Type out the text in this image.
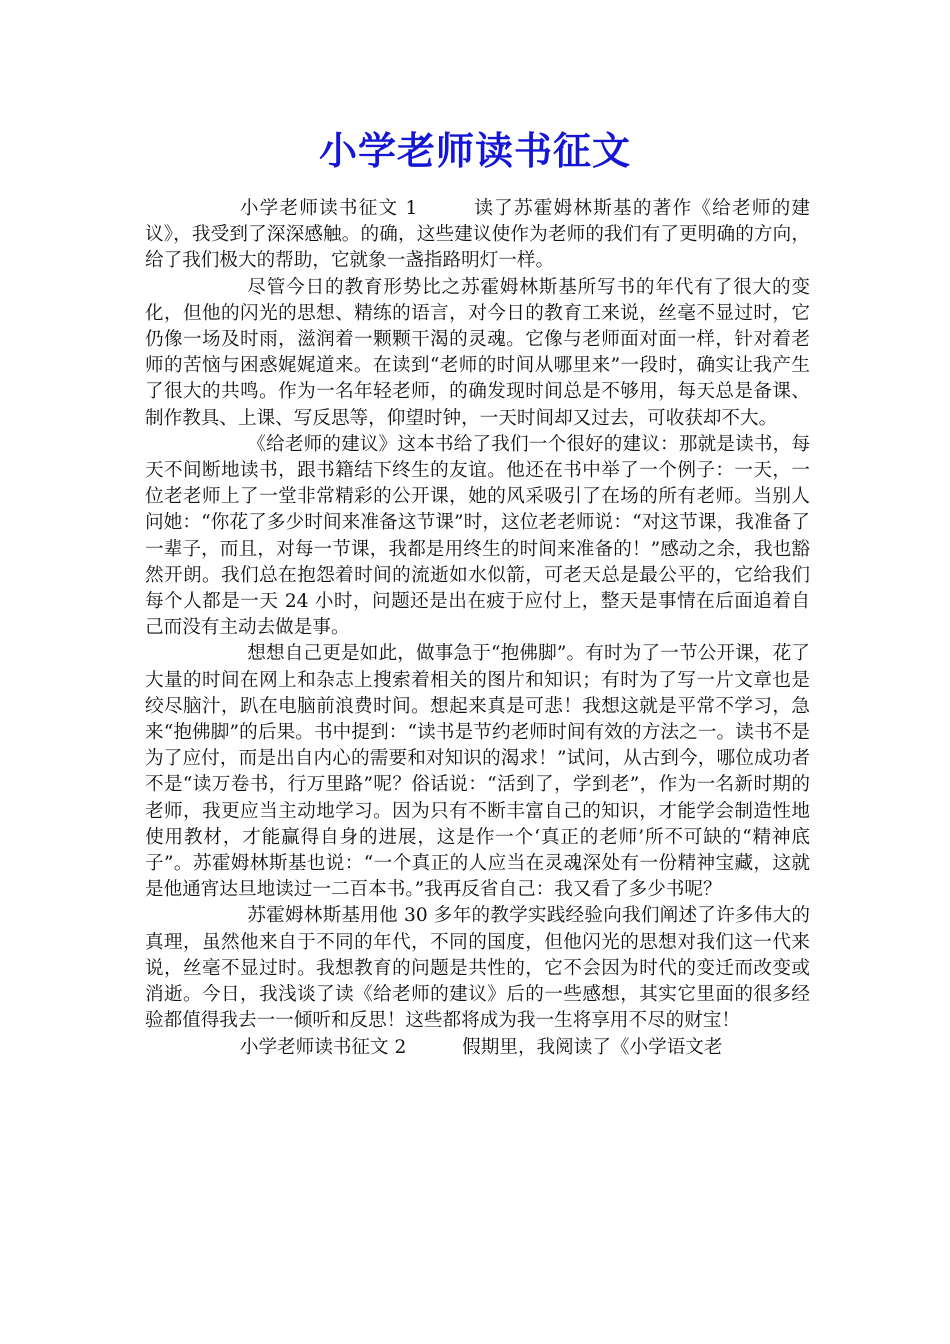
小学老师读书征文

小学老师读书征文 1	读了苏霍姆林斯基的著作《给老师的建议》，我受到了深深感触。的确，这些建议使作为老师的我们有了更明确的方向，给了我们极大的帮助，它就象一盏指路明灯一样。

尽管今日的教育形势比之苏霍姆林斯基所写书的年代有了很大的变化，但他的闪光的思想、精练的语言，对今日的教育工来说，丝毫不显过时，它仍像一场及时雨，滋润着一颗颗干渴的灵魂。它像与老师面对面一样，针对着老师的苦恼与困惑娓娓道来。在读到“老师的时间从哪里来”一段时，确实让我产生了很大的共鸣。作为一名年轻老师，的确发现时间总是不够用，每天总是备课、制作教具、上课、写反思等，仰望时钟，一天时间却又过去，可收获却不大。

《给老师的建议》这本书给了我们一个很好的建议：那就是读书，每天不间断地读书，跟书籍结下终生的友谊。他还在书中举了一个例子：一天，一位老老师上了一堂非常精彩的公开课，她的风采吸引了在场的所有老师。当别人问她：“你花了多少时间来准备这节课”时，这位老老师说：“对这节课，我准备了一辈子，而且，对每一节课，我都是用终生的时间来准备的！”感动之余，我也豁然开朗。我们总在抱怨着时间的流逝如水似箭，可老天总是最公平的，它给我们每个人都是一天 24 小时，问题还是出在疲于应付上，整天是事情在后面追着自己而没有主动去做是事。

想想自己更是如此，做事急于“抱佛脚”。有时为了一节公开课，花了大量的时间在网上和杂志上搜索着相关的图片和知识；有时为了写一片文章也是绞尽脑汁，趴在电脑前浪费时间。想起来真是可悲！我想这就是平常不学习，急来“抱佛脚”的后果。书中提到：“读书是节约老师时间有效的方法之一。读书不是为了应付，而是出自内心的需要和对知识的渴求！”试问，从古到今，哪位成功者不是“读万卷书，行万里路”呢？俗话说：“活到了，学到老”，作为一名新时期的老师，我更应当主动地学习。因为只有不断丰富自己的知识，才能学会制造性地使用教材，才能赢得自身的进展，这是作一个‘真正的老师’所不可缺的“精神底子”。苏霍姆林斯基也说：“一个真正的人应当在灵魂深处有一份精神宝藏，这就是他通宵达旦地读过一二百本书。”我再反省自己：我又看了多少书呢？

苏霍姆林斯基用他 30 多年的教学实践经验向我们阐述了许多伟大的真理，虽然他来自于不同的年代，不同的国度，但他闪光的思想对我们这一代来说，丝毫不显过时。我想教育的问题是共性的，它不会因为时代的变迁而改变或消逝。今日，我浅谈了读《给老师的建议》后的一些感想，其实它里面的很多经验都值得我去一一倾听和反思！这些都将成为我一生将享用不尽的财宝！

小学老师读书征文 2	假期里，我阅读了《小学语文老
